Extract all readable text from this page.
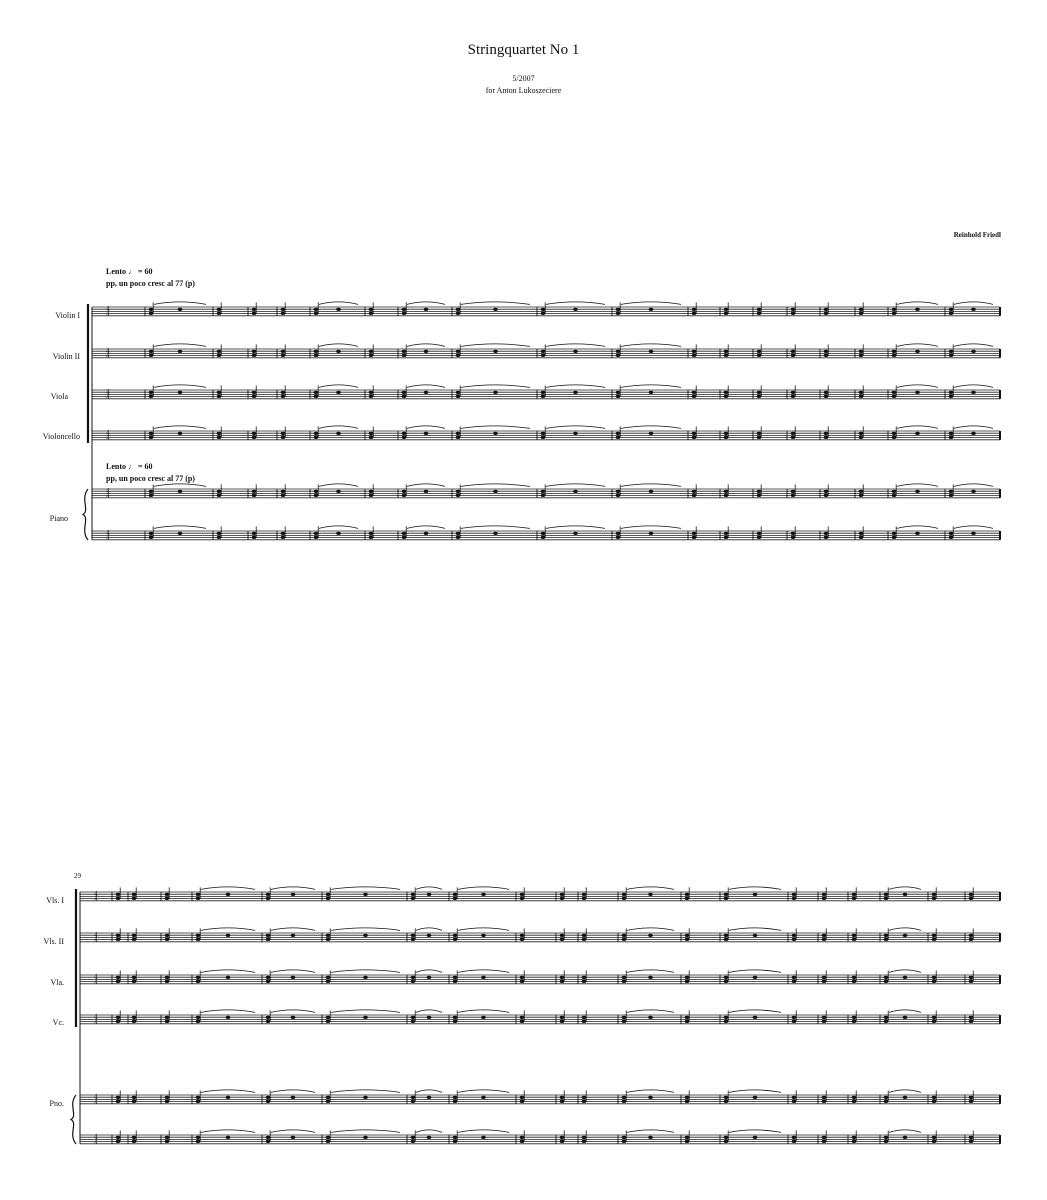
Stringquartet No 1
5/2007
for Anton Lukoszeciere
Reinhold Friedl
Lento ♩ = 60
pp, un poco cresc al 77 (p)
Lento ♩ = 60
pp, un poco cresc al 77 (p)
Violin I
Violin II
Viola
Violoncello
Piano
29
Vls. I
Vls. II
Vla.
Vc.
Pno.
4
4
4
4
4
4
4
4
4
4
4
4
4
4
4
4
4
4
4
4
4
4
4
4
